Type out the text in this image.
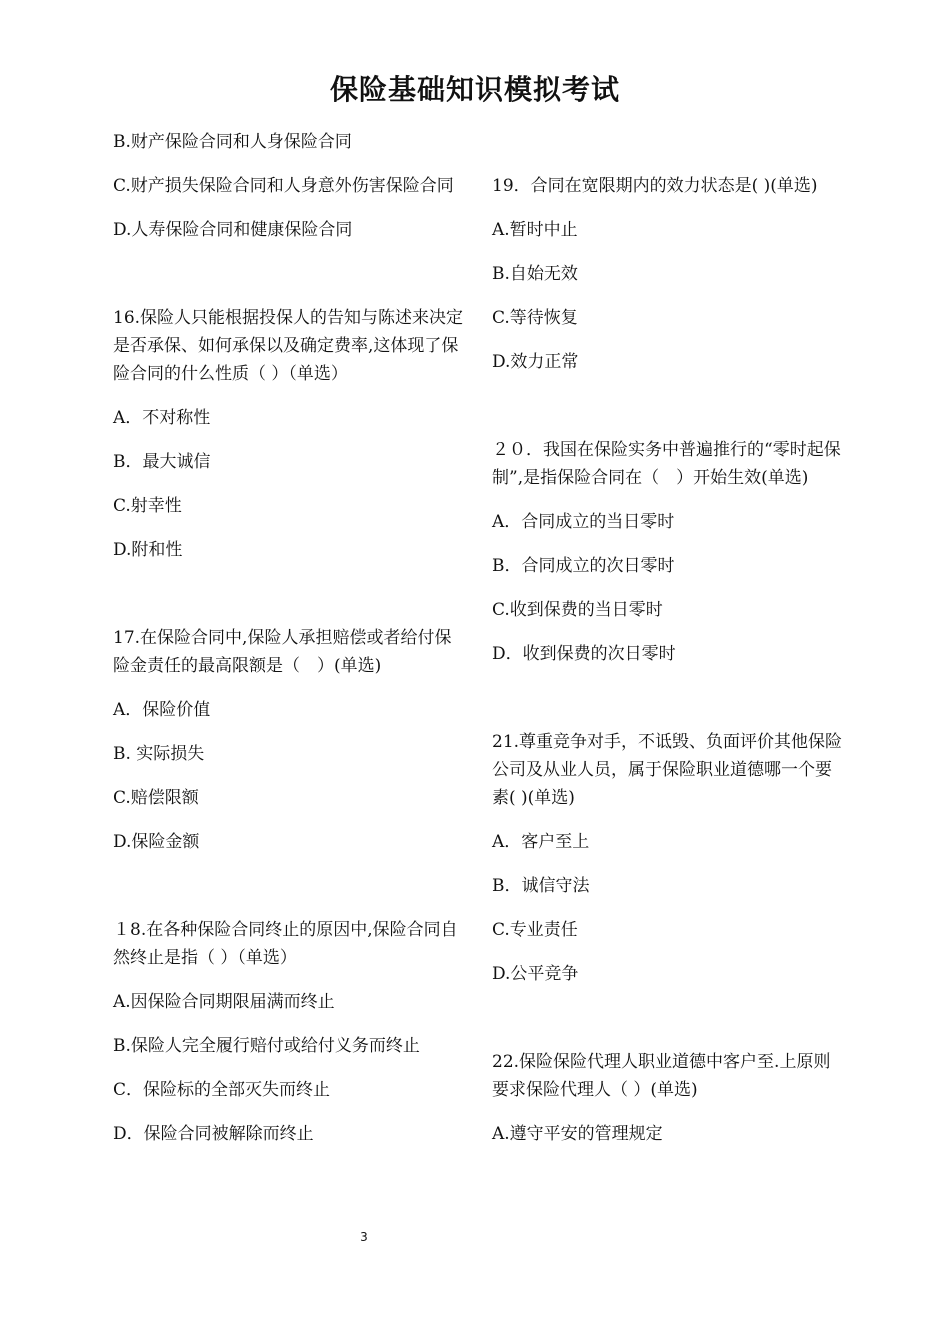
保险基础知识模拟考试

B.财产保险合同和人身保险合同

C.财产损失保险合同和人身意外伤害保险合同

D.人寿保险合同和健康保险合同

16.保险人只能根据投保人的告知与陈述来决定是否承保、如何承保以及确定费率,这体现了保险合同的什么性质（ ）（单选）

A．不对称性

B．最大诚信

C.射幸性

D.附和性

17.在保险合同中,保险人承担赔偿或者给付保险金责任的最高限额是（　）(单选)

A．保险价值

B. 实际损失

C.赔偿限额

D.保险金额

１8.在各种保险合同终止的原因中,保险合同自然终止是指（ ）（单选）

A.因保险合同期限届满而终止

B.保险人完全履行赔付或给付义务而终止

C．保险标的全部灭失而终止

D．保险合同被解除而终止

19．合同在宽限期内的效力状态是( )(单选)

A.暂时中止

B.自始无效

C.等待恢复

D.效力正常

２０．我国在保险实务中普遍推行的“零时起保制”,是指保险合同在（　）开始生效(单选)

A．合同成立的当日零时

B．合同成立的次日零时

C.收到保费的当日零时

D．收到保费的次日零时

21.尊重竞争对手，不诋毁、负面评价其他保险公司及从业人员，属于保险职业道德哪一个要素( )(单选)

A．客户至上

B．诚信守法

C.专业责任

D.公平竞争

22.保险保险代理人职业道德中客户至.上原则要求保险代理人（ ）(单选)

A.遵守平安的管理规定

3
